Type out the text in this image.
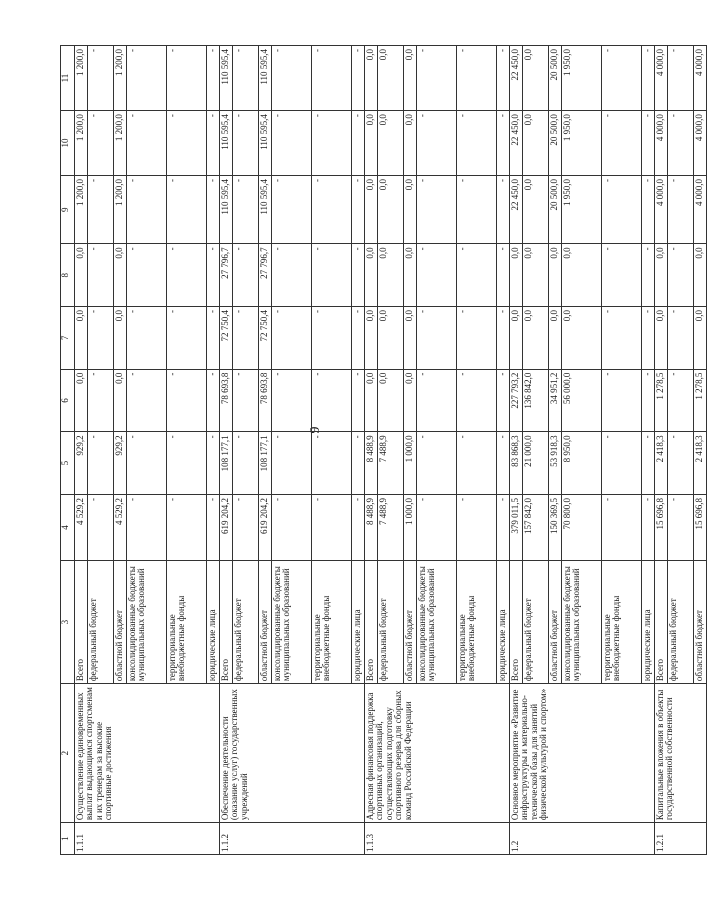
9
1	2	3	4	5	6	7	8	9	10	11
1.1.1	Осуществление единовременных выплат выдающимся спортсменам и их тренерам за высокие спортивные достижения	Всего	4 529,2	929,2	0,0	0,0	0,0	1 200,0	1 200,0	1 200,0
		федеральный бюджет	-	-	-	-	-	-	-	-
		областной бюджет	4 529,2	929,2	0,0	0,0	0,0	1 200,0	1 200,0	1 200,0
		консолидированные бюджеты муниципальных образований	-	-	-	-	-	-	-	-
		территориальные внебюджетные фонды	-	-	-	-	-	-	-	-
		юридические лица	-	-	-	-	-	-	-	-
1.1.2	Обеспечение деятельности (оказание услуг) государственных учреждений	Всего	619 204,2	108 177,1	78 693,8	72 750,4	27 796,7	110 595,4	110 595,4	110 595,4
		федеральный бюджет	-	-	-	-	-	-	-	-
		областной бюджет	619 204,2	108 177,1	78 693,8	72 750,4	27 796,7	110 595,4	110 595,4	110 595,4
		консолидированные бюджеты муниципальных образований	-	-	-	-	-	-	-	-
		территориальные внебюджетные фонды	-	-	-	-	-	-	-	-
		юридические лица	-	-	-	-	-	-	-	-
1.1.3	Адресная финансовая поддержка спортивных организаций, осуществляющих подготовку спортивного резерва для сборных команд Российской Федерации	Всего	8 488,9	8 488,9	0,0	0,0	0,0	0,0	0,0	0,0
		федеральный бюджет	7 488,9	7 488,9	0,0	0,0	0,0	0,0	0,0	0,0
		областной бюджет	1 000,0	1 000,0	0,0	0,0	0,0	0,0	0,0	0,0
		консолидированные бюджеты муниципальных образований	-	-	-	-	-	-	-	-
		территориальные внебюджетные фонды	-	-	-	-	-	-	-	-
		юридические лица	-	-	-	-	-	-	-	-
1.2	Основное мероприятие «Развитие инфраструктуры и материально-технической базы для занятий физической культурой и спортом»	Всего	379 011,5	83 868,3	227 793,2	0,0	0,0	22 450,0	22 450,0	22 450,0
		федеральный бюджет	157 842,0	21 000,0	136 842,0	0,0	0,0	0,0	0,0	0,0
		областной бюджет	150 369,5	53 918,3	34 951,2	0,0	0,0	20 500,0	20 500,0	20 500,0
		консолидированные бюджеты муниципальных образований	70 800,0	8 950,0	56 000,0	0,0	0,0	1 950,0	1 950,0	1 950,0
		территориальные внебюджетные фонды	-	-	-	-	-	-	-	-
		юридические лица	-	-	-	-	-	-	-	-
1.2.1	Капитальные вложения в объекты государственной собственности	Всего	15 696,8	2 418,3	1 278,5	0,0	0,0	4 000,0	4 000,0	4 000,0
		федеральный бюджет	-	-	-	-	-	-	-	-
		областной бюджет	15 696,8	2 418,3	1 278,5	0,0	0,0	4 000,0	4 000,0	4 000,0
